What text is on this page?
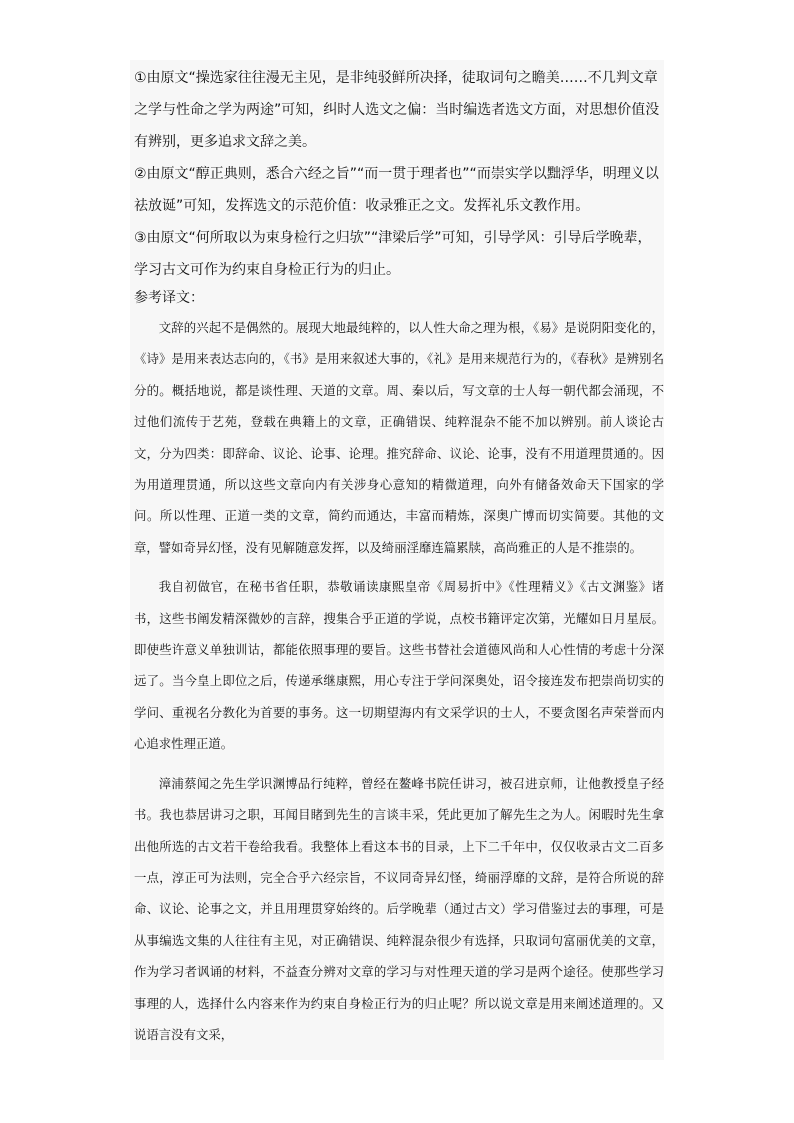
①由原文“操选家往往漫无主见，是非纯驳鲜所决择，徒取词句之瞻美……不几判文章之学与性命之学为两途”可知，纠时人选文之偏：当时编选者选文方面，对思想价值没有辨别，更多追求文辞之美。

②由原文“醇正典则，悉合六经之旨”“而一贯于理者也”“而崇实学以黜浮华，明理义以祛放诞”可知，发挥选文的示范价值：收录雅正之文。发挥礼乐文教作用。

③由原文“何所取以为束身检行之归欤”“津梁后学”可知，引导学风：引导后学晚辈，学习古文可作为约束自身检正行为的归止。

参考译文：

文辞的兴起不是偶然的。展现大地最纯粹的，以人性大命之理为根，《易》是说阴阳变化的，《诗》是用来表达志向的，《书》是用来叙述大事的，《礼》是用来规范行为的，《春秋》是辨别名分的。概括地说，都是谈性理、天道的文章。周、秦以后，写文章的士人每一朝代都会涌现，不过他们流传于艺苑，登载在典籍上的文章，正确错误、纯粹混杂不能不加以辨别。前人谈论古文，分为四类：即辞命、议论、论事、论理。推究辞命、议论、论事，没有不用道理贯通的。因为用道理贯通，所以这些文章向内有关涉身心意知的精微道理，向外有储备效命天下国家的学问。所以性理、正道一类的文章，简约而通达，丰富而精炼，深奥广博而切实简要。其他的文章，譬如奇异幻怪，没有见解随意发挥，以及绮丽淫靡连篇累牍，高尚雅正的人是不推崇的。

我自初做官，在秘书省任职，恭敬诵读康熙皇帝《周易折中》《性理精义》《古文渊鉴》诸书，这些书阐发精深微妙的言辞，搜集合乎正道的学说，点校书籍评定次第，光耀如日月星辰。即使些许意义单独训诂，都能依照事理的要旨。这些书替社会道德风尚和人心性情的考虑十分深远了。当今皇上即位之后，传递承继康熙，用心专注于学问深奥处，诏令接连发布把崇尚切实的学问、重视名分教化为首要的事务。这一切期望海内有文采学识的士人，不要贪图名声荣誉而内心追求性理正道。

漳浦蔡闻之先生学识渊博品行纯粹，曾经在鳌峰书院任讲习，被召进京师，让他教授皇子经书。我也恭居讲习之职，耳闻目睹到先生的言谈丰采，凭此更加了解先生之为人。闲暇时先生拿出他所选的古文若干卷给我看。我整体上看这本书的目录，上下二千年中，仅仅收录古文二百多一点，淳正可为法则，完全合乎六经宗旨，不议同奇异幻怪，绮丽浮靡的文辞，是符合所说的辞命、议论、论事之文，并且用理贯穿始终的。后学晚辈（通过古文）学习借鉴过去的事理，可是从事编选文集的人往往有主见，对正确错误、纯粹混杂很少有选择，只取词句富丽优美的文章，作为学习者讽诵的材料，不益查分辨对文章的学习与对性理天道的学习是两个途径。使那些学习事理的人，选择什么内容来作为约束自身检正行为的归止呢？所以说文章是用来阐述道理的。又说语言没有文采，
